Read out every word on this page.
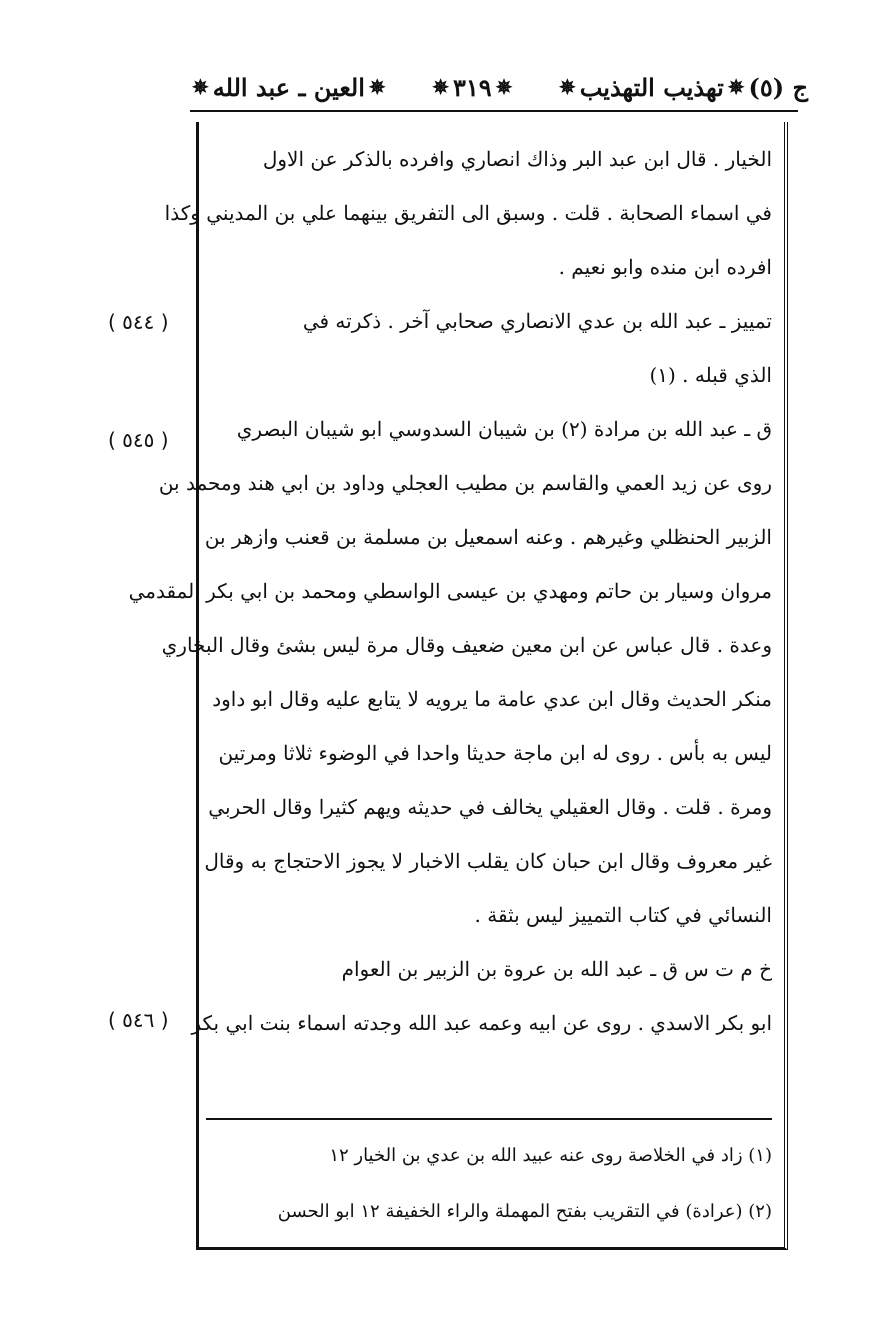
ج (٥)
✵
تهذيب التهذيب
✵
✵
٣١٩
✵
✵
العين ـ عبد الله
✵
الخيار . قال ابن عبد البر وذاك انصاري وافرده بالذكر عن الاول
في اسماء الصحابة . قلت . وسبق الى التفريق بينهما علي بن المديني وكذا
افرده ابن منده وابو نعيم .
تمييز ـ عبد الله بن عدي الانصاري صحابي آخر . ذكرته في
الذي قبله . (١)
ق ـ عبد الله بن مرادة (٢) بن شيبان السدوسي ابو شيبان البصري
روى عن زيد العمي والقاسم بن مطيب العجلي وداود بن ابي هند ومحمد بن
الزبير الحنظلي وغيرهم . وعنه اسمعيل بن مسلمة بن قعنب وازهر بن
مروان وسيار بن حاتم ومهدي بن عيسى الواسطي ومحمد بن ابي بكر المقدمي
وعدة . قال عباس عن ابن معين ضعيف وقال مرة ليس بشئ وقال البخاري
منكر الحديث وقال ابن عدي عامة ما يرويه لا يتابع عليه وقال ابو داود
ليس به بأس . روى له ابن ماجة حديثا واحدا في الوضوء ثلاثا ومرتين
ومرة . قلت . وقال العقيلي يخالف في حديثه ويهم كثيرا وقال الحربي
غير معروف وقال ابن حبان كان يقلب الاخبار لا يجوز الاحتجاج به وقال
النسائي في كتاب التمييز ليس بثقة .
خ م ت س ق ـ عبد الله بن عروة بن الزبير بن العوام
ابو بكر الاسدي . روى عن ابيه وعمه عبد الله وجدته اسماء بنت ابي بكر
( ٥٤٤ )
( ٥٤٥ )
( ٥٤٦ )
(١) زاد في الخلاصة روى عنه عبيد الله بن عدي بن الخيار ١٢
(٢) (عرادة) في التقريب بفتح المهملة والراء الخفيفة ١٢ ابو الحسن
